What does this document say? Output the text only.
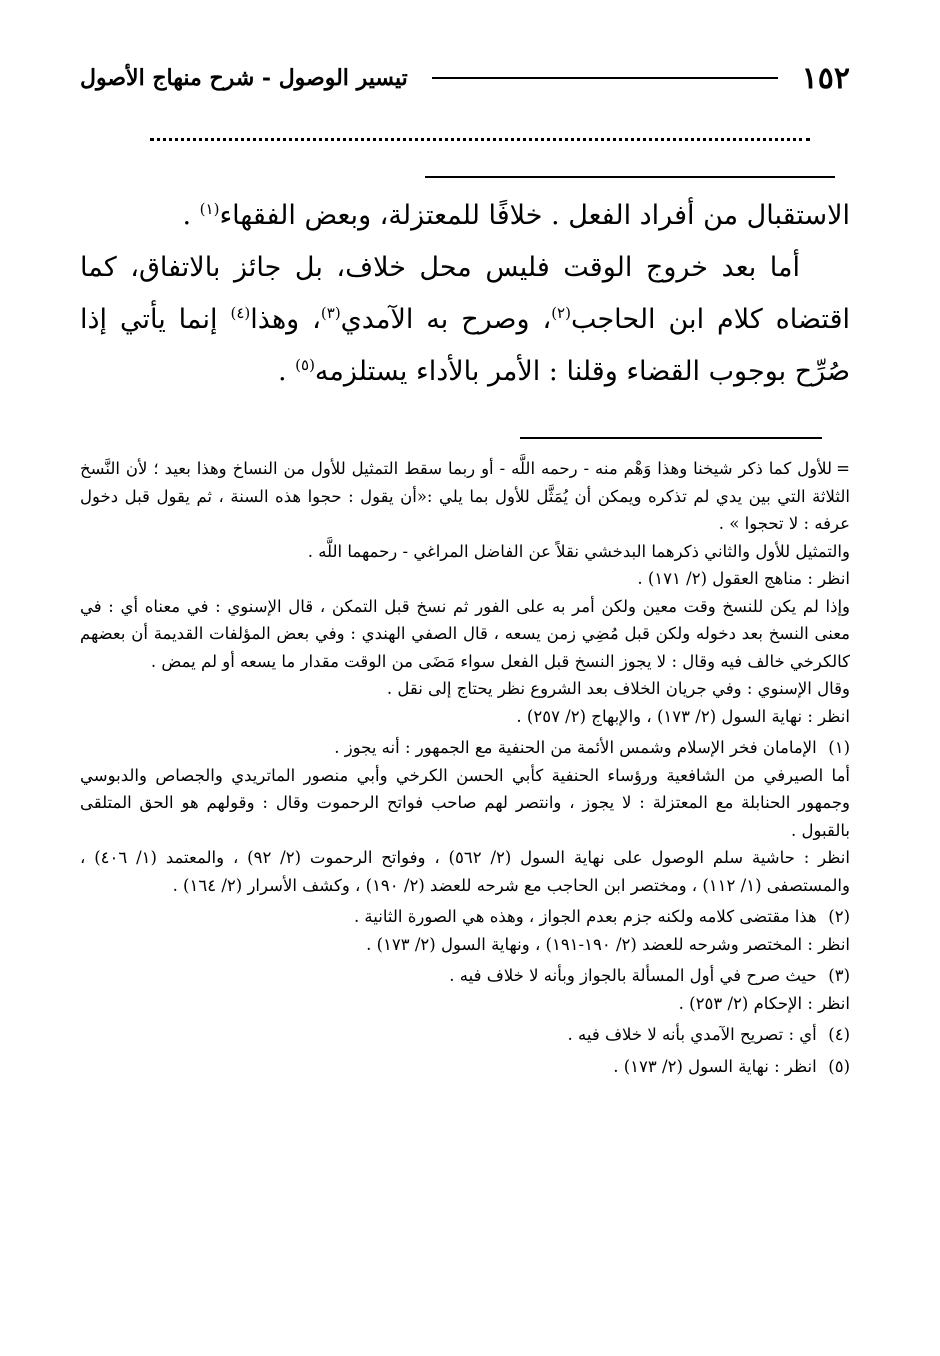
١٥٢
تيسير الوصول - شرح منهاج الأصول

الاستقبال من أفراد الفعل . خلافًا للمعتزلة، وبعض الفقهاء$^{(١)}$ .

أما بعد خروج الوقت فليس محل خلاف، بل جائز بالاتفاق، كما اقتضاه كلام ابن الحاجب$^{(٢)}$، وصرح به الآمدي$^{(٣)}$، وهذا$^{(٤)}$ إنما يأتي إذا صُرِّح بوجوب القضاء وقلنا : الأمر بالأداء يستلزمه$^{(٥)}$ .

=للأول كما ذكر شيخنا وهذا وَهْم منه - رحمه اللَّه - أو ربما سقط التمثيل للأول من النساخ وهذا بعيد ؛ لأن النَّسخ الثلاثة التي بين يدي لم تذكره ويمكن أن يُمَثَّل للأول بما يلي :«أن يقول : حجوا هذه السنة ، ثم يقول قبل دخول عرفه : لا تحجوا » .

والتمثيل للأول والثاني ذكرهما البدخشي نقلاً عن الفاضل المراغي - رحمهما اللَّه .

انظر : مناهج العقول (٢/ ١٧١) .

وإذا لم يكن للنسخ وقت معين ولكن أمر به على الفور ثم نسخ قبل التمكن ، قال الإسنوي : في معناه أي : في معنى النسخ بعد دخوله ولكن قبل مُضِي زمن يسعه ، قال الصفي الهندي : وفي بعض المؤلفات القديمة أن بعضهم كالكرخي خالف فيه وقال : لا يجوز النسخ قبل الفعل سواء مَضَى من الوقت مقدار ما يسعه أو لم يمض .

وقال الإسنوي : وفي جريان الخلاف بعد الشروع نظر يحتاج إلى نقل .

انظر : نهاية السول (٢/ ١٧٣) ، والإبهاج (٢/ ٢٥٧) .

(١) الإمامان فخر الإسلام وشمس الأئمة من الحنفية مع الجمهور : أنه يجوز .

أما الصيرفي من الشافعية ورؤساء الحنفية كأبي الحسن الكرخي وأبي منصور الماتريدي والجصاص والدبوسي وجمهور الحنابلة مع المعتزلة : لا يجوز ، وانتصر لهم صاحب فواتح الرحموت وقال : وقولهم هو الحق المتلقى بالقبول .

انظر : حاشية سلم الوصول على نهاية السول (٢/ ٥٦٢) ، وفواتح الرحموت (٢/ ٩٢) ، والمعتمد (١/ ٤٠٦) ، والمستصفى (١/ ١١٢) ، ومختصر ابن الحاجب مع شرحه للعضد (٢/ ١٩٠) ، وكشف الأسرار (٢/ ١٦٤) .

(٢) هذا مقتضى كلامه ولكنه جزم بعدم الجواز ، وهذه هي الصورة الثانية .

انظر : المختصر وشرحه للعضد (٢/ ١٩٠-١٩١) ، ونهاية السول (٢/ ١٧٣) .

(٣) حيث صرح في أول المسألة بالجواز وبأنه لا خلاف فيه .

انظر : الإحكام (٢/ ٢٥٣) .

(٤) أي : تصريح الآمدي بأنه لا خلاف فيه .

(٥) انظر : نهاية السول (٢/ ١٧٣) .
